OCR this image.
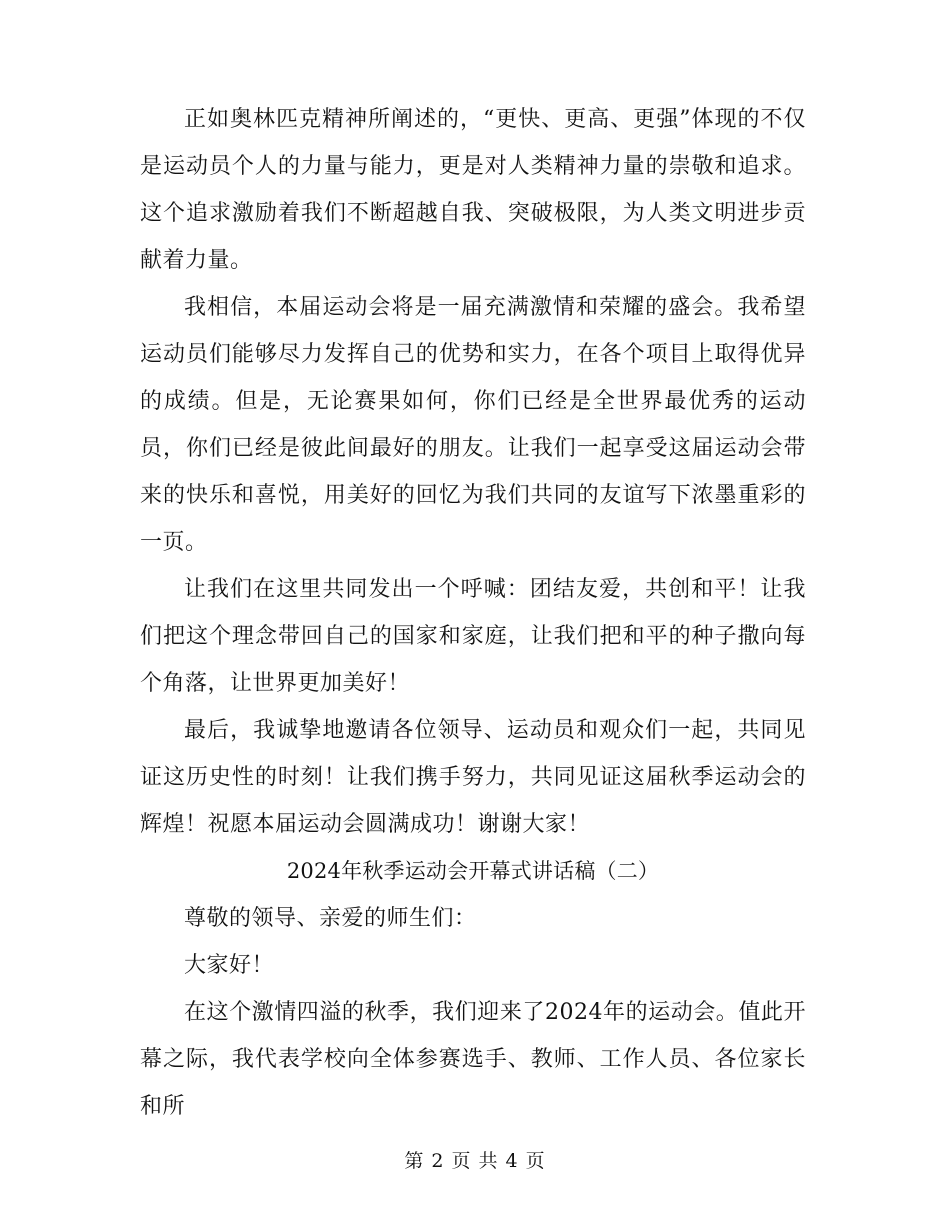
正如奥林匹克精神所阐述的，“更快、更高、更强”体现的不仅是运动员个人的力量与能力，更是对人类精神力量的崇敬和追求。这个追求激励着我们不断超越自我、突破极限，为人类文明进步贡献着力量。

我相信，本届运动会将是一届充满激情和荣耀的盛会。我希望运动员们能够尽力发挥自己的优势和实力，在各个项目上取得优异的成绩。但是，无论赛果如何，你们已经是全世界最优秀的运动员，你们已经是彼此间最好的朋友。让我们一起享受这届运动会带来的快乐和喜悦，用美好的回忆为我们共同的友谊写下浓墨重彩的一页。

让我们在这里共同发出一个呼喊：团结友爱，共创和平！让我们把这个理念带回自己的国家和家庭，让我们把和平的种子撒向每个角落，让世界更加美好！

最后，我诚挚地邀请各位领导、运动员和观众们一起，共同见证这历史性的时刻！让我们携手努力，共同见证这届秋季运动会的辉煌！祝愿本届运动会圆满成功！谢谢大家！

2024年秋季运动会开幕式讲话稿（二）

尊敬的领导、亲爱的师生们：

大家好！

在这个激情四溢的秋季，我们迎来了2024年的运动会。值此开幕之际，我代表学校向全体参赛选手、教师、工作人员、各位家长和所

第 2 页 共 4 页
